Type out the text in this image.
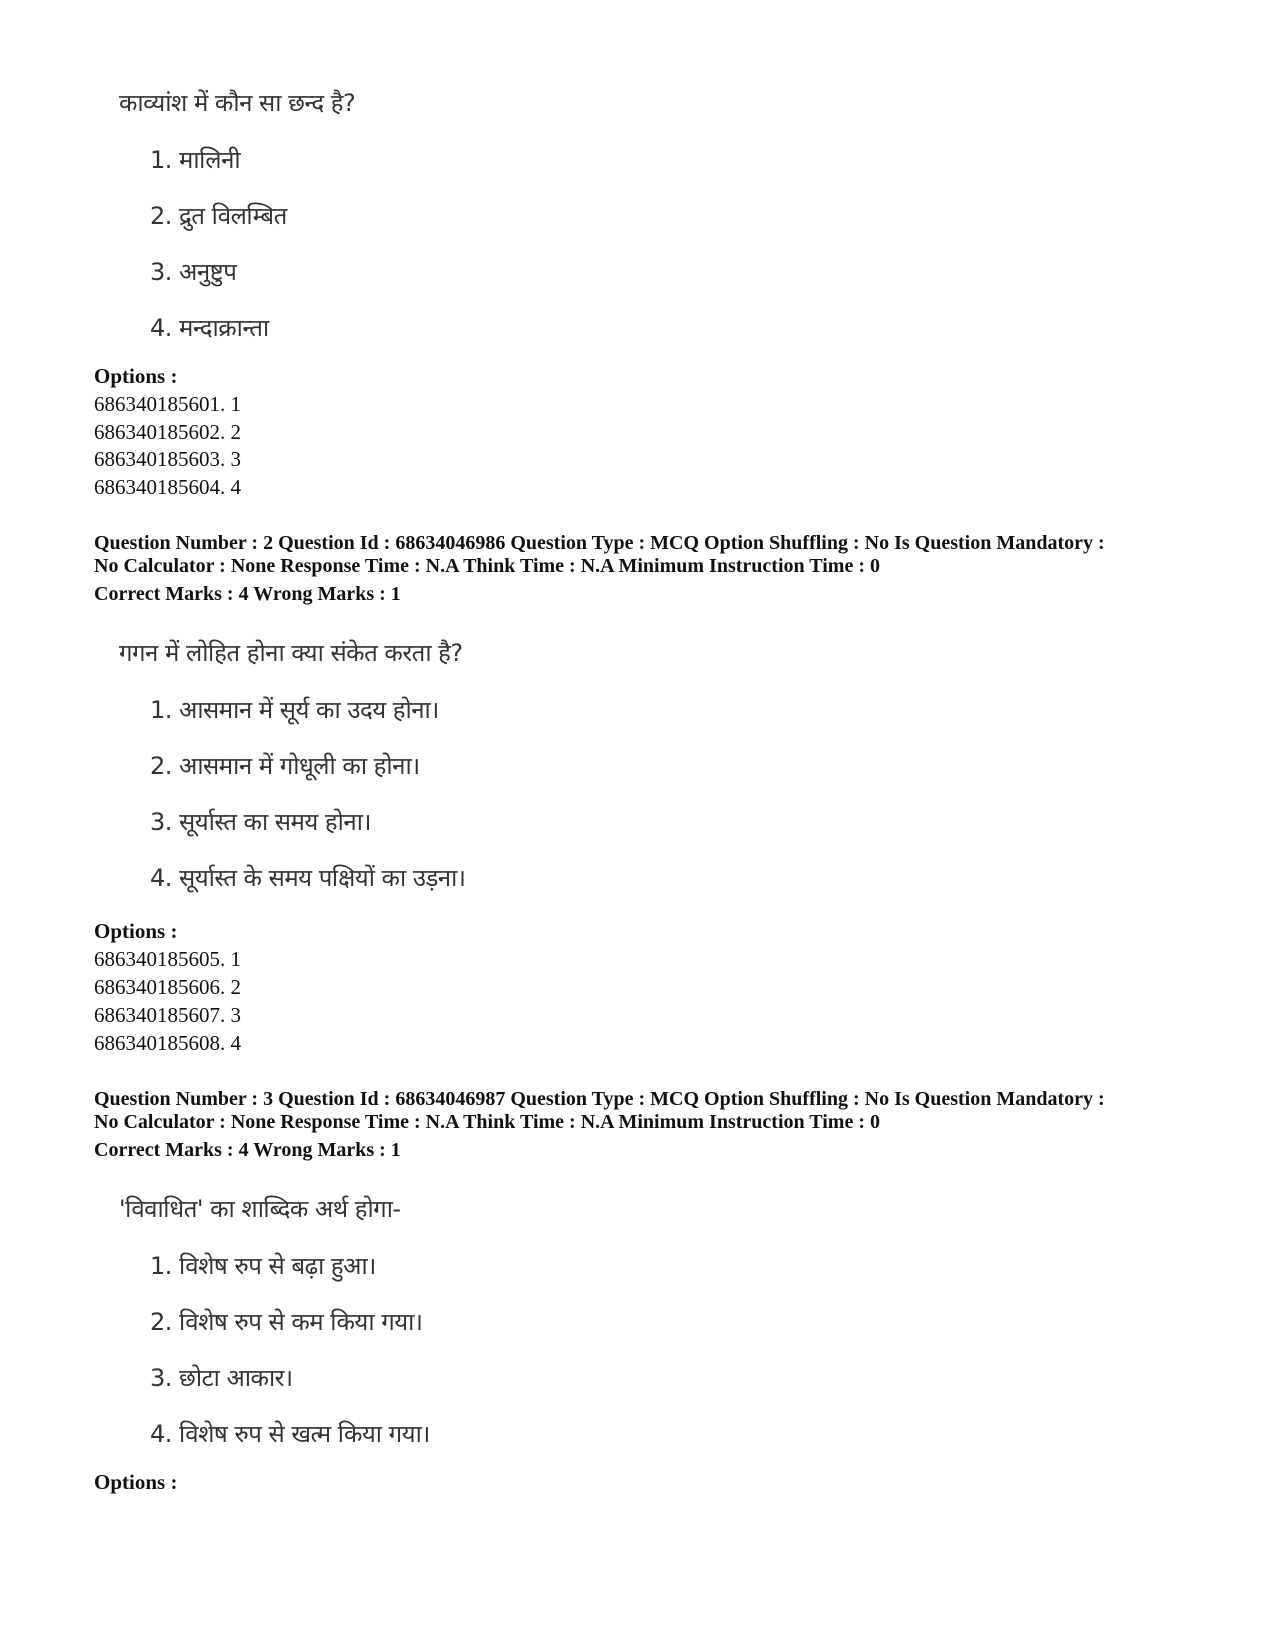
काव्यांश में कौन सा छन्द है?
1. मालिनी
2. द्रुत विलम्बित
3. अनुष्टुप
4. मन्दाक्रान्ता
Options :
686340185601. 1
686340185602. 2
686340185603. 3
686340185604. 4
Question Number : 2 Question Id : 68634046986 Question Type : MCQ Option Shuffling : No Is Question Mandatory :
No Calculator : None Response Time : N.A Think Time : N.A Minimum Instruction Time : 0
Correct Marks : 4 Wrong Marks : 1
गगन में लोहित होना क्या संकेत करता है?
1. आसमान में सूर्य का उदय होना।
2. आसमान में गोधूली का होना।
3. सूर्यास्त का समय होना।
4. सूर्यास्त के समय पक्षियों का उड़ना।
Options :
686340185605. 1
686340185606. 2
686340185607. 3
686340185608. 4
Question Number : 3 Question Id : 68634046987 Question Type : MCQ Option Shuffling : No Is Question Mandatory :
No Calculator : None Response Time : N.A Think Time : N.A Minimum Instruction Time : 0
Correct Marks : 4 Wrong Marks : 1
'विवाधित' का शाब्दिक अर्थ होगा-
1. विशेष रुप से बढ़ा हुआ।
2. विशेष रुप से कम किया गया।
3. छोटा आकार।
4. विशेष रुप से खत्म किया गया।
Options :
